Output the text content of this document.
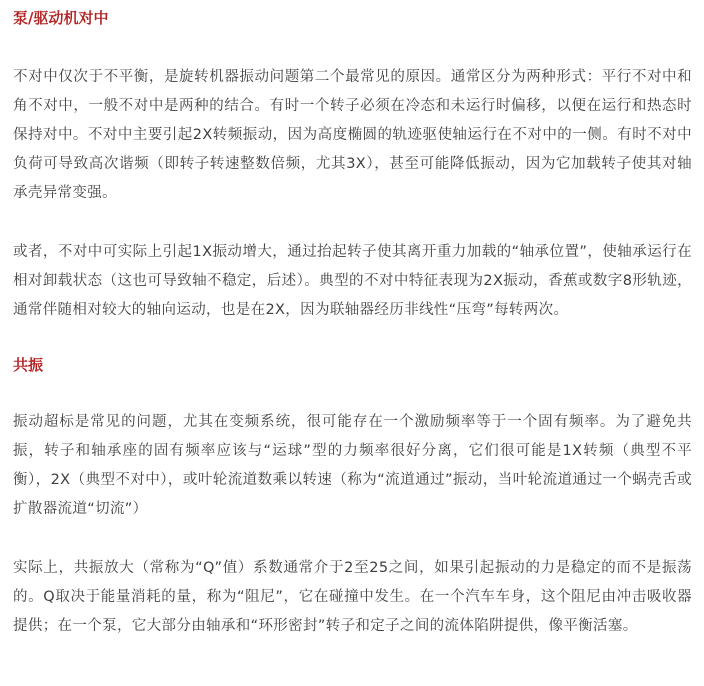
泵/驱动机对中

不对中仅次于不平衡，是旋转机器振动问题第二个最常见的原因。通常区分为两种形式：平行不对中和角不对中，一般不对中是两种的结合。有时一个转子必须在冷态和未运行时偏移，以便在运行和热态时保持对中。不对中主要引起2X转频振动，因为高度椭圆的轨迹驱使轴运行在不对中的一侧。有时不对中负荷可导致高次谐频（即转子转速整数倍频，尤其3X），甚至可能降低振动，因为它加载转子使其对轴承壳异常变强。

或者，不对中可实际上引起1X振动增大，通过抬起转子使其离开重力加载的“轴承位置”，使轴承运行在相对卸载状态（这也可导致轴不稳定，后述）。典型的不对中特征表现为2X振动，香蕉或数字8形轨迹，通常伴随相对较大的轴向运动，也是在2X，因为联轴器经历非线性“压弯”每转两次。

共振

振动超标是常见的问题，尤其在变频系统，很可能存在一个激励频率等于一个固有频率。为了避免共振，转子和轴承座的固有频率应该与“运球”型的力频率很好分离，它们很可能是1X转频（典型不平衡），2X（典型不对中），或叶轮流道数乘以转速（称为“流道通过”振动，当叶轮流道通过一个蜗壳舌或扩散器流道“切流”）

实际上，共振放大（常称为“Q”值）系数通常介于2至25之间，如果引起振动的力是稳定的而不是振荡的。Q取决于能量消耗的量，称为“阻尼”，它在碰撞中发生。在一个汽车车身，这个阻尼由冲击吸收器提供；在一个泵，它大部分由轴承和“环形密封”转子和定子之间的流体陷阱提供，像平衡活塞。
